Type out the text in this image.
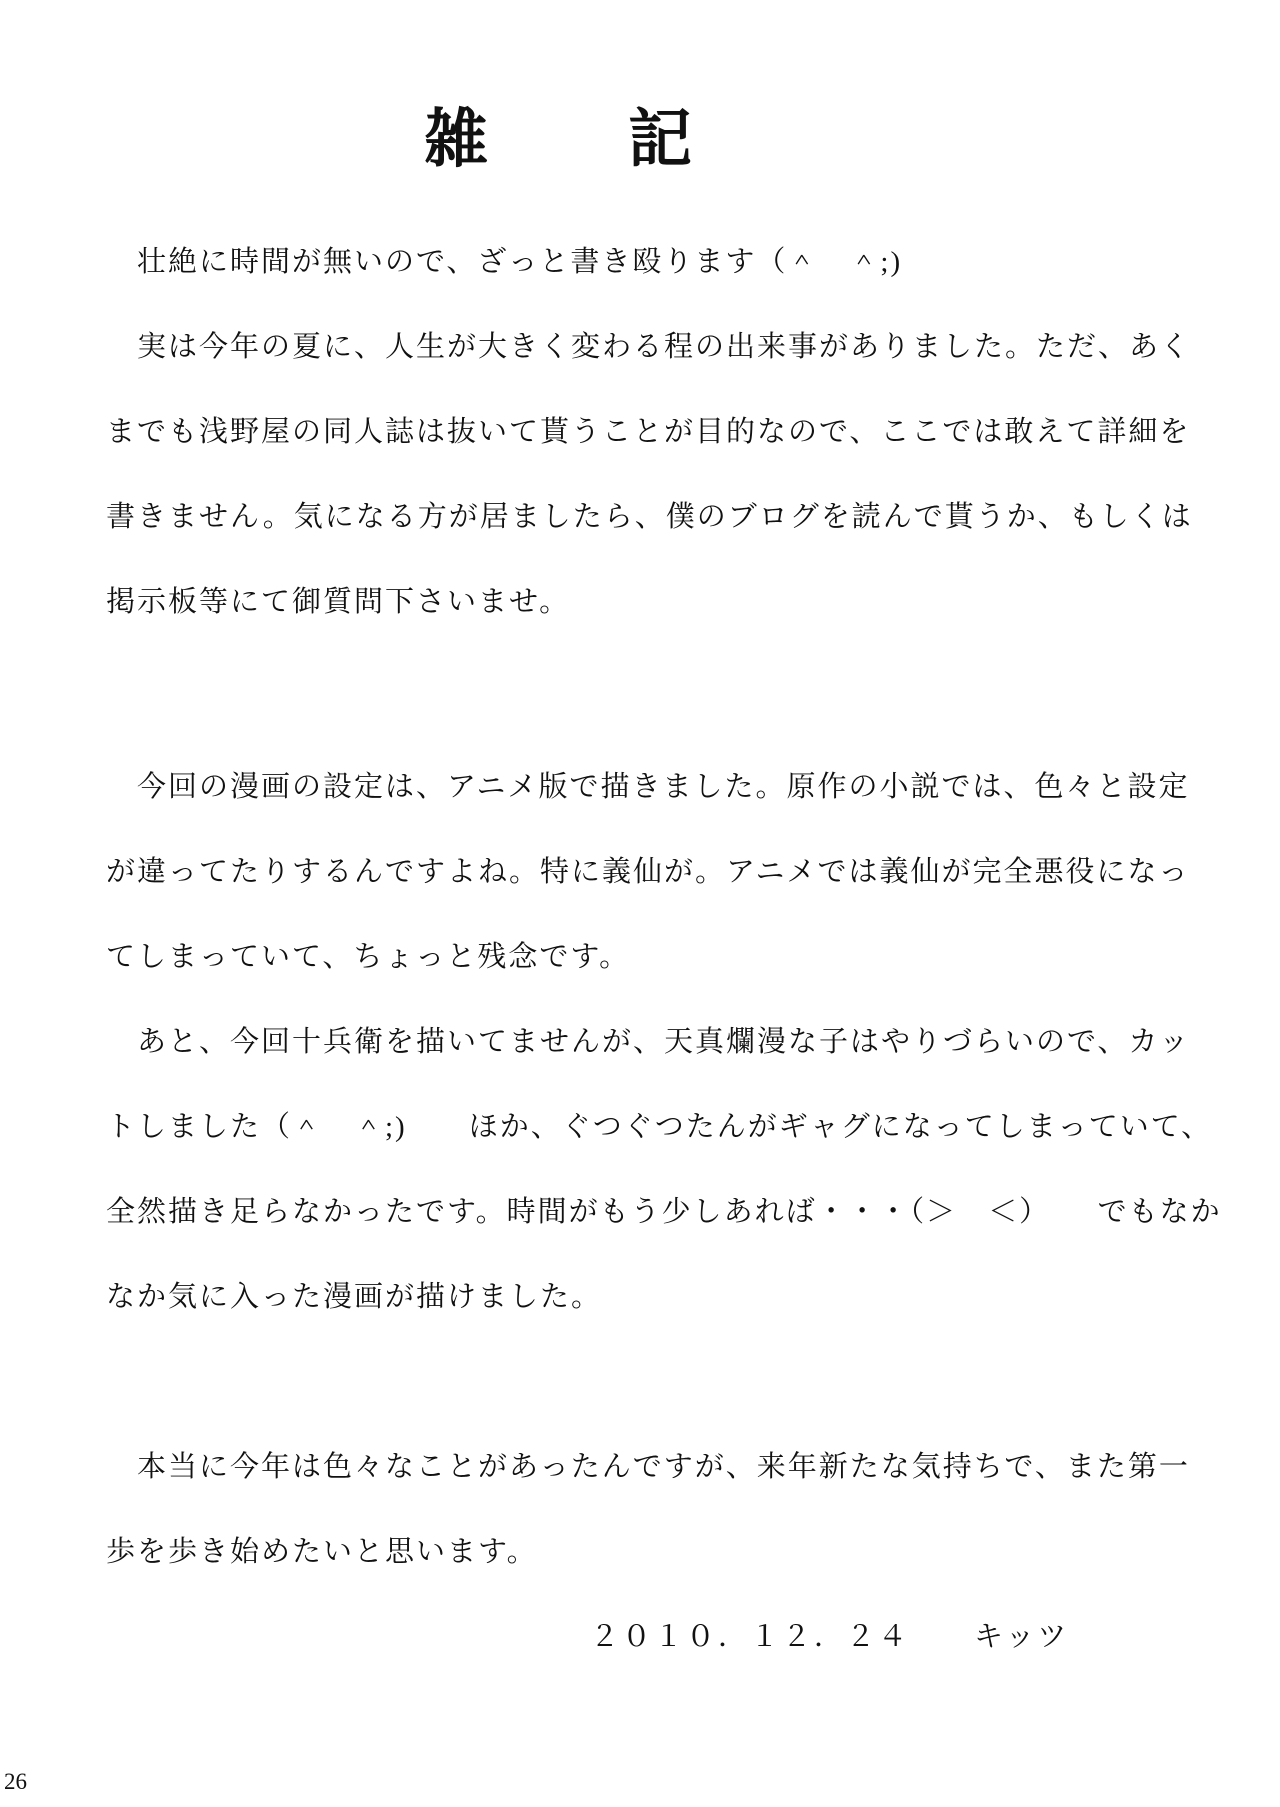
雑　　記
壮絶に時間が無いので、ざっと書き殴ります（＾　＾;)
実は今年の夏に、人生が大きく変わる程の出来事がありました。ただ、あく
までも浅野屋の同人誌は抜いて貰うことが目的なので、ここでは敢えて詳細を
書きません。気になる方が居ましたら、僕のブログを読んで貰うか、もしくは
掲示板等にて御質問下さいませ。
今回の漫画の設定は、アニメ版で描きました。原作の小説では、色々と設定
が違ってたりするんですよね。特に義仙が。アニメでは義仙が完全悪役になっ
てしまっていて、ちょっと残念です。
あと、今回十兵衛を描いてませんが、天真爛漫な子はやりづらいので、カッ
トしました（＾　＾;)　　ほか、ぐつぐつたんがギャグになってしまっていて、
全然描き足らなかったです。時間がもう少しあれば・・・（＞　＜）　　でもなか
なか気に入った漫画が描けました。
本当に今年は色々なことがあったんですが、来年新たな気持ちで、また第一
歩を歩き始めたいと思います。
２０１０．１２．２４　　キッツ
26
